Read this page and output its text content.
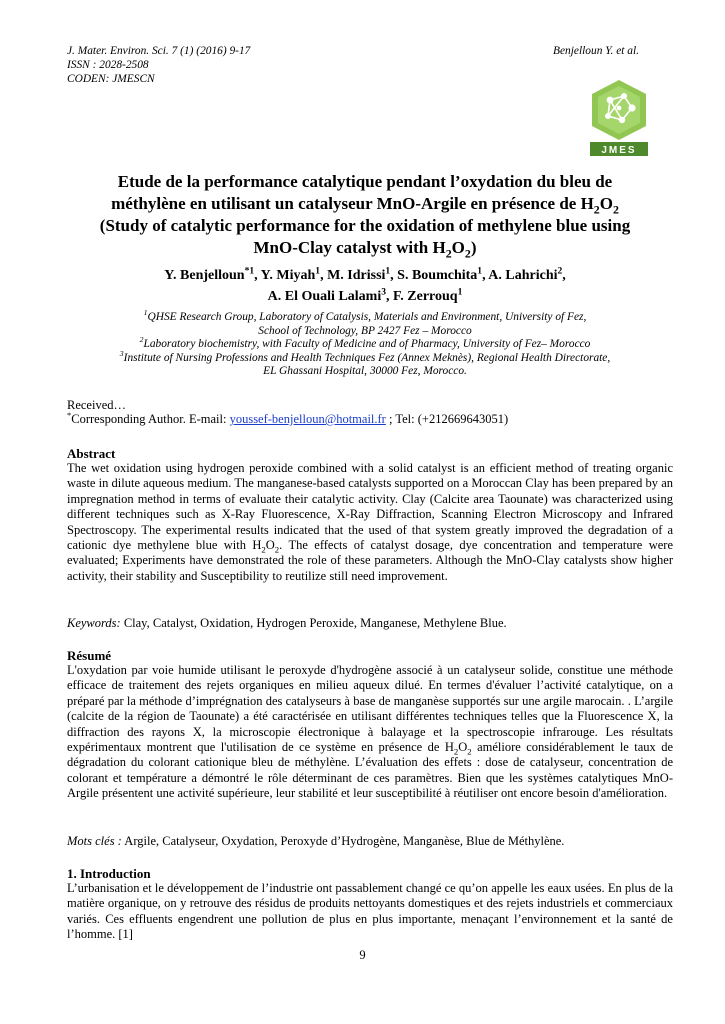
J. Mater. Environ. Sci. 7 (1) (2016) 9-17
ISSN : 2028-2508
CODEN: JMESCN
Benjelloun Y. et al.
JMES
Etude de la performance catalytique pendant l’oxydation du bleu de
méthylène en utilisant un catalyseur MnO-Argile en présence de $H_2O_2$
(Study of catalytic performance for the oxidation of methylene blue using
MnO-Clay catalyst with $H_2O_2$)
Y. Benjelloun$^{*1}$, Y. Miyah$^1$, M. Idrissi$^1$, S. Boumchita$^1$, A. Lahrichi$^2$,
A. El Ouali Lalami$^3$, F. Zerrouq$^1$
$^1$QHSE Research Group, Laboratory of Catalysis, Materials and Environment, University of Fez,
School of Technology, BP 2427 Fez – Morocco
$^2$Laboratory biochemistry, with Faculty of Medicine and of Pharmacy, University of Fez– Morocco
$^3$Institute of Nursing Professions and Health Techniques Fez (Annex Meknès), Regional Health Directorate,
EL Ghassani Hospital, 30000 Fez, Morocco.
Received…
*Corresponding Author. E-mail: youssef-benjelloun@hotmail.fr ; Tel: (+212669643051)
Abstract
The wet oxidation using hydrogen peroxide combined with a solid catalyst is an efficient method of treating organic waste in dilute aqueous medium. The manganese-based catalysts supported on a Moroccan Clay has been prepared by an impregnation method in terms of evaluate their catalytic activity. Clay (Calcite area Taounate) was characterized using different techniques such as X-Ray Fluorescence, X-Ray Diffraction, Scanning Electron Microscopy and Infrared Spectroscopy. The experimental results indicated that the used of that system greatly improved the degradation of a cationic dye methylene blue with $H_2O_2$. The effects of catalyst dosage, dye concentration and temperature were evaluated; Experiments have demonstrated the role of these parameters. Although the MnO-Clay catalysts show higher activity, their stability and Susceptibility to reutilize still need improvement.
Keywords: Clay, Catalyst, Oxidation, Hydrogen Peroxide, Manganese, Methylene Blue.
Résumé
L'oxydation par voie humide utilisant le peroxyde d'hydrogène associé à un catalyseur solide, constitue une méthode efficace de traitement des rejets organiques en milieu aqueux dilué. En termes d'évaluer l’activité catalytique, on a préparé par la méthode d’imprégnation des catalyseurs à base de manganèse supportés sur une argile marocain. . L’argile (calcite de la région de Taounate) a été caractérisée en utilisant différentes techniques telles que la Fluorescence X, la diffraction des rayons X, la microscopie électronique à balayage et la spectroscopie infrarouge. Les résultats expérimentaux montrent que l'utilisation de ce système en présence de $H_2O_2$ améliore considérablement le taux de dégradation du colorant cationique bleu de méthylène. L’évaluation des effets : dose de catalyseur, concentration de colorant et température a démontré le rôle déterminant de ces paramètres. Bien que les systèmes catalytiques MnO-Argile présentent une activité supérieure, leur stabilité et leur susceptibilité à réutiliser ont encore besoin d'amélioration.
Mots clés : Argile, Catalyseur, Oxydation, Peroxyde d’Hydrogène, Manganèse, Blue de Méthylène.
1. Introduction
L’urbanisation et le développement de l’industrie ont passablement changé ce qu’on appelle les eaux usées. En plus de la matière organique, on y retrouve des résidus de produits nettoyants domestiques et des rejets industriels et commerciaux variés. Ces effluents engendrent une pollution de plus en plus importante, menaçant l’environnement et la santé de l’homme. [1]
9
